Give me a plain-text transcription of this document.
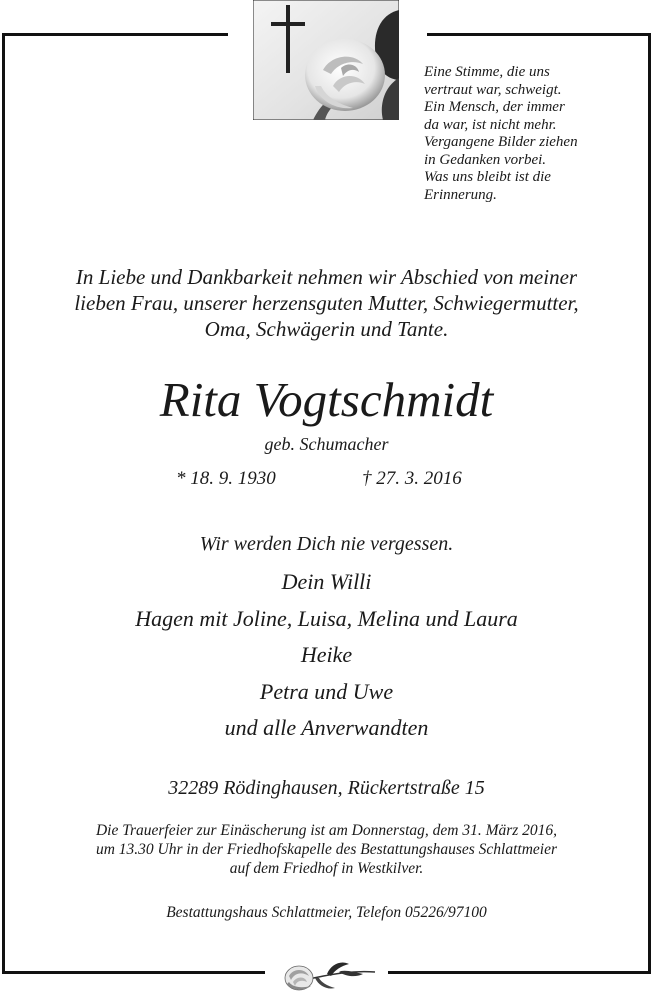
Eine Stimme, die uns
vertraut war, schweigt.
Ein Mensch, der immer
da war, ist nicht mehr.
Vergangene Bilder ziehen
in Gedanken vorbei.
Was uns bleibt ist die
Erinnerung.
In Liebe und Dankbarkeit nehmen wir Abschied von meiner
lieben Frau, unserer herzensguten Mutter, Schwiegermutter,
Oma, Schwägerin und Tante.
Rita Vogtschmidt
geb. Schumacher
* 18. 9. 1930	† 27. 3. 2016
Wir werden Dich nie vergessen.
Dein Willi
Hagen mit Joline, Luisa, Melina und Laura
Heike
Petra und Uwe
und alle Anverwandten
32289 Rödinghausen, Rückertstraße 15
Die Trauerfeier zur Einäscherung ist am Donnerstag, dem 31. März 2016,
um 13.30 Uhr in der Friedhofskapelle des Bestattungshauses Schlattmeier
auf dem Friedhof in Westkilver.
Bestattungshaus Schlattmeier, Telefon 05226/97100
